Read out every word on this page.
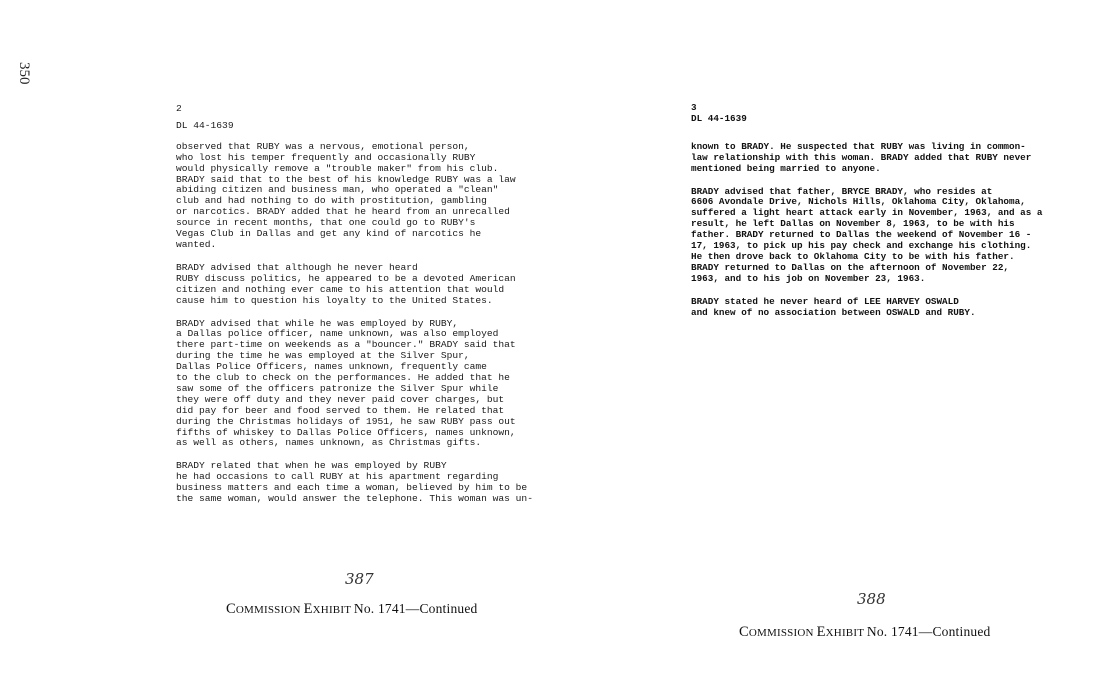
350

2

DL 44-1639

observed that RUBY was a nervous, emotional person,
who lost his temper frequently and occasionally RUBY
would physically remove a "trouble maker" from his club.
BRADY said that to the best of his knowledge RUBY was a law
abiding citizen and business man, who operated a "clean"
club and had nothing to do with prostitution, gambling
or narcotics. BRADY added that he heard from an unrecalled
source in recent months, that one could go to RUBY's
Vegas Club in Dallas and get any kind of narcotics he
wanted.

BRADY advised that although he never heard
RUBY discuss politics, he appeared to be a devoted American
citizen and nothing ever came to his attention that would
cause him to question his loyalty to the United States.

BRADY advised that while he was employed by RUBY,
a Dallas police officer, name unknown, was also employed
there part-time on weekends as a "bouncer." BRADY said that
during the time he was employed at the Silver Spur,
Dallas Police Officers, names unknown, frequently came
to the club to check on the performances. He added that he
saw some of the officers patronize the Silver Spur while
they were off duty and they never paid cover charges, but
did pay for beer and food served to them. He related that
during the Christmas holidays of 1951, he saw RUBY pass out
fifths of whiskey to Dallas Police Officers, names unknown,
as well as others, names unknown, as Christmas gifts.

BRADY related that when he was employed by RUBY
he had occasions to call RUBY at his apartment regarding
business matters and each time a woman, believed by him to be
the same woman, would answer the telephone. This woman was un-

387
COMMISSION EXHIBIT No. 1741—Continued

3

DL 44-1639

known to BRADY. He suspected that RUBY was living in common-
law relationship with this woman. BRADY added that RUBY never
mentioned being married to anyone.

BRADY advised that father, BRYCE BRADY, who resides at
6606 Avondale Drive, Nichols Hills, Oklahoma City, Oklahoma,
suffered a light heart attack early in November, 1963, and as a
result, he left Dallas on November 8, 1963, to be with his
father. BRADY returned to Dallas the weekend of November 16 -
17, 1963, to pick up his pay check and exchange his clothing.
He then drove back to Oklahoma City to be with his father.
BRADY returned to Dallas on the afternoon of November 22,
1963, and to his job on November 23, 1963.

BRADY stated he never heard of LEE HARVEY OSWALD
and knew of no association between OSWALD and RUBY.

388
COMMISSION EXHIBIT No. 1741—Continued
